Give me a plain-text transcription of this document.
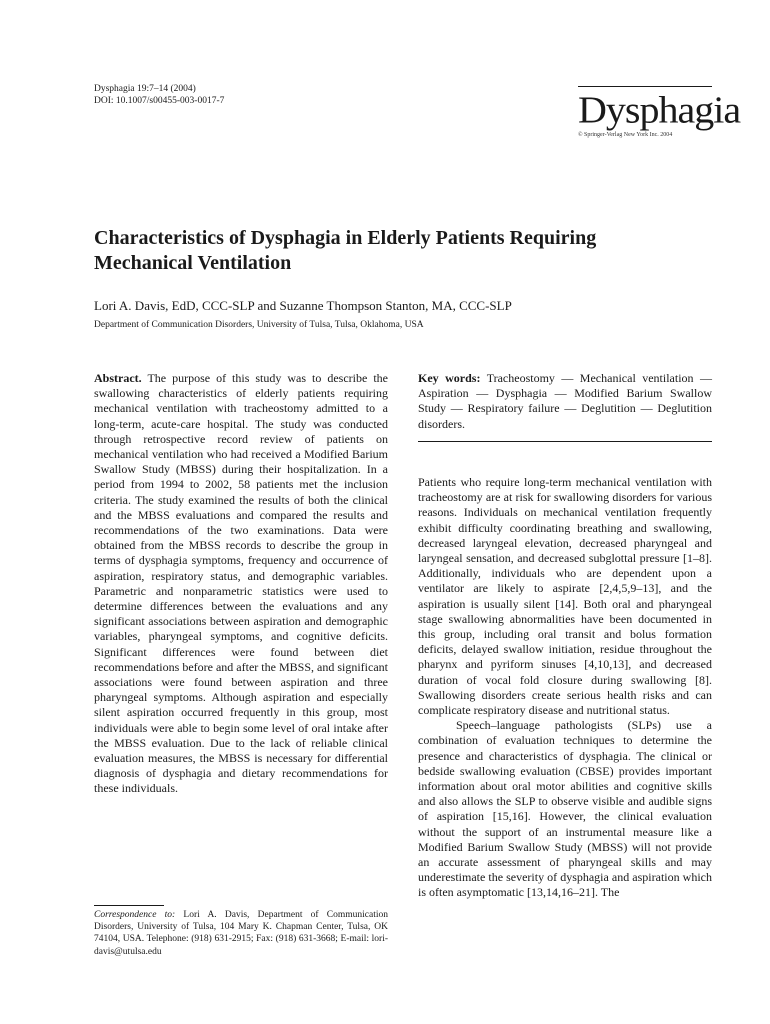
Dysphagia 19:7–14 (2004)
DOI: 10.1007/s00455-003-0017-7	Dysphagia
© Springer-Verlag New York Inc. 2004
Characteristics of Dysphagia in Elderly Patients Requiring Mechanical Ventilation
Lori A. Davis, EdD, CCC-SLP and Suzanne Thompson Stanton, MA, CCC-SLP
Department of Communication Disorders, University of Tulsa, Tulsa, Oklahoma, USA

Abstract. The purpose of this study was to describe the swallowing characteristics of elderly patients requiring mechanical ventilation with tracheostomy admitted to a long-term, acute-care hospital. The study was conducted through retrospective record review of patients on mechanical ventilation who had received a Modified Barium Swallow Study (MBSS) during their hospitalization. In a period from 1994 to 2002, 58 patients met the inclusion criteria. The study examined the results of both the clinical and the MBSS evaluations and compared the results and recommendations of the two examinations. Data were obtained from the MBSS records to describe the group in terms of dysphagia symptoms, frequency and occurrence of aspiration, respiratory status, and demographic variables. Parametric and nonparametric statistics were used to determine differences between the evaluations and any significant associations between aspiration and demographic variables, pharyngeal symptoms, and cognitive deficits. Significant differences were found between diet recommendations before and after the MBSS, and significant associations were found between aspiration and three pharyngeal symptoms. Although aspiration and especially silent aspiration occurred frequently in this group, most individuals were able to begin some level of oral intake after the MBSS evaluation. Due to the lack of reliable clinical evaluation measures, the MBSS is necessary for differential diagnosis of dysphagia and dietary recommendations for these individuals.

Correspondence to: Lori A. Davis, Department of Communication Disorders, University of Tulsa, 104 Mary K. Chapman Center, Tulsa, OK 74104, USA. Telephone: (918) 631-2915; Fax: (918) 631-3668; E-mail: lori-davis@utulsa.edu

Key words: Tracheostomy — Mechanical ventilation — Aspiration — Dysphagia — Modified Barium Swallow Study — Respiratory failure — Deglutition — Deglutition disorders.

Patients who require long-term mechanical ventilation with tracheostomy are at risk for swallowing disorders for various reasons. Individuals on mechanical ventilation frequently exhibit difficulty coordinating breathing and swallowing, decreased laryngeal elevation, decreased pharyngeal and laryngeal sensation, and decreased subglottal pressure [1–8]. Additionally, individuals who are dependent upon a ventilator are likely to aspirate [2,4,5,9–13], and the aspiration is usually silent [14]. Both oral and pharyngeal stage swallowing abnormalities have been documented in this group, including oral transit and bolus formation deficits, delayed swallow initiation, residue throughout the pharynx and pyriform sinuses [4,10,13], and decreased duration of vocal fold closure during swallowing [8]. Swallowing disorders create serious health risks and can complicate respiratory disease and nutritional status.

Speech–language pathologists (SLPs) use a combination of evaluation techniques to determine the presence and characteristics of dysphagia. The clinical or bedside swallowing evaluation (CBSE) provides important information about oral motor abilities and cognitive skills and also allows the SLP to observe visible and audible signs of aspiration [15,16]. However, the clinical evaluation without the support of an instrumental measure like a Modified Barium Swallow Study (MBSS) will not provide an accurate assessment of pharyngeal skills and may underestimate the severity of dysphagia and aspiration which is often asymptomatic [13,14,16–21]. The
